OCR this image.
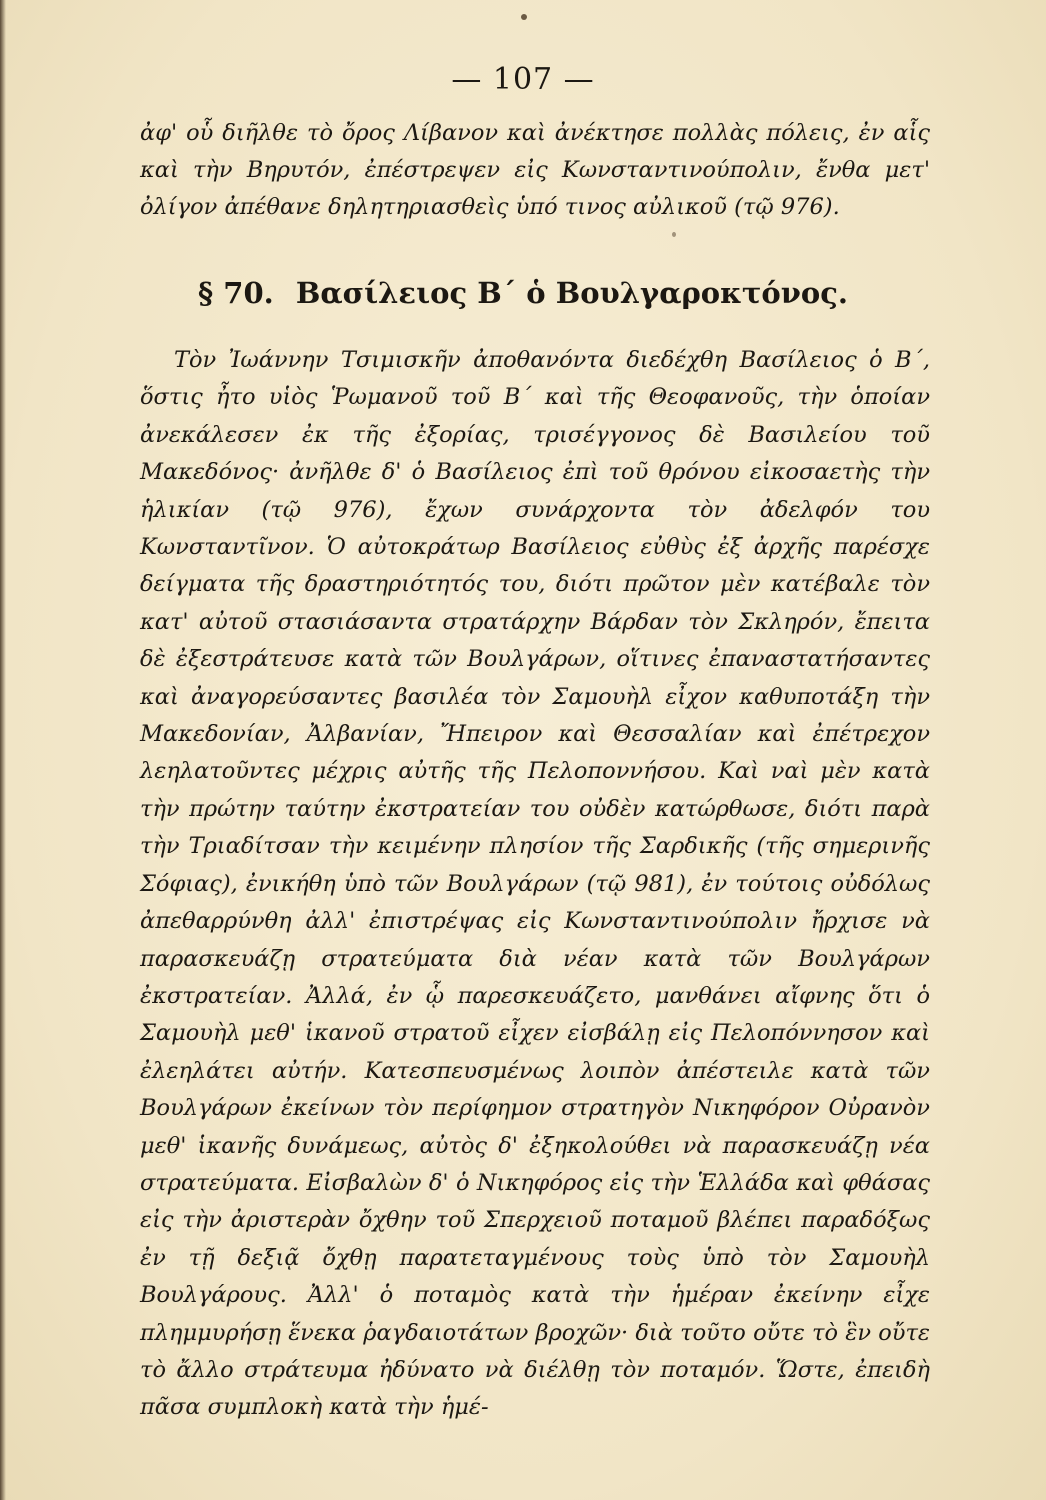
— 107 —
ἀφ' οὗ διῆλθε τὸ ὄρος Λίβανον καὶ ἀνέκτησε πολλὰς πόλεις, ἐν αἷς καὶ τὴν Βηρυτόν, ἐπέστρεψεν εἰς Κωνσταντινούπολιν, ἔνθα μετ' ὀλίγον ἀπέθανε δηλητηριασθεὶς ὑπό τινος αὐλικοῦ (τῷ 976).
§ 70. Βασίλειος Β΄ ὁ Βουλγαροκτόνος.
Τὸν Ἰωάννην Τσιμισκῆν ἀποθανόντα διεδέχθη Βασίλειος ὁ Β΄, ὅστις ἦτο υἱὸς Ῥωμανοῦ τοῦ Β΄ καὶ τῆς Θεοφανοῦς, τὴν ὁποίαν ἀνεκάλεσεν ἐκ τῆς ἐξορίας, τρισέγγονος δὲ Βασιλείου τοῦ Μακεδόνος· ἀνῆλθε δ' ὁ Βασίλειος ἐπὶ τοῦ θρόνου εἰκοσαετὴς τὴν ἡλικίαν (τῷ 976), ἔχων συνάρχοντα τὸν ἀδελφόν του Κωνσταντῖνον. Ὁ αὐτοκράτωρ Βασίλειος εὐθὺς ἐξ ἀρχῆς παρέσχε δείγματα τῆς δραστηριότητός του, διότι πρῶτον μὲν κατέβαλε τὸν κατ' αὐτοῦ στασιάσαντα στρατάρχην Βάρδαν τὸν Σκληρόν, ἔπειτα δὲ ἐξεστράτευσε κατὰ τῶν Βουλγάρων, οἵτινες ἐπαναστατήσαντες καὶ ἀναγορεύσαντες βασιλέα τὸν Σαμουὴλ εἶχον καθυποτάξη τὴν Μακεδονίαν, Ἀλβανίαν, Ἤπειρον καὶ Θεσσαλίαν καὶ ἐπέτρεχον λεηλατοῦντες μέχρις αὐτῆς τῆς Πελοποννήσου. Καὶ ναὶ μὲν κατὰ τὴν πρώτην ταύτην ἐκστρατείαν του οὐδὲν κατώρθωσε, διότι παρὰ τὴν Τριαδίτσαν τὴν κειμένην πλησίον τῆς Σαρδικῆς (τῆς σημερινῆς Σόφιας), ἐνικήθη ὑπὸ τῶν Βουλγάρων (τῷ 981), ἐν τούτοις οὐδόλως ἀπεθαρρύνθη ἀλλ' ἐπιστρέψας εἰς Κωνσταντινούπολιν ἤρχισε νὰ παρασκευάζῃ στρατεύματα διὰ νέαν κατὰ τῶν Βουλγάρων ἐκστρατείαν. Ἀλλά, ἐν ᾧ παρεσκευάζετο, μανθάνει αἴφνης ὅτι ὁ Σαμουὴλ μεθ' ἱκανοῦ στρατοῦ εἶχεν εἰσβάλῃ εἰς Πελοπόννησον καὶ ἐλεηλάτει αὐτήν. Κατεσπευσμένως λοιπὸν ἀπέστειλε κατὰ τῶν Βουλγάρων ἐκείνων τὸν περίφημον στρατηγὸν Νικηφόρον Οὐρανὸν μεθ' ἱκανῆς δυνάμεως, αὐτὸς δ' ἐξηκολούθει νὰ παρασκευάζῃ νέα στρατεύματα. Εἰσβαλὼν δ' ὁ Νικηφόρος εἰς τὴν Ἑλλάδα καὶ φθάσας εἰς τὴν ἀριστερὰν ὄχθην τοῦ Σπερχειοῦ ποταμοῦ βλέπει παραδόξως ἐν τῇ δεξιᾷ ὄχθῃ παρατεταγμένους τοὺς ὑπὸ τὸν Σαμουὴλ Βουλγάρους. Ἀλλ' ὁ ποταμὸς κατὰ τὴν ἡμέραν ἐκείνην εἶχε πλημμυρήσῃ ἕνεκα ῥαγδαιοτάτων βροχῶν· διὰ τοῦτο οὔτε τὸ ἓν οὔτε τὸ ἄλλο στράτευμα ἠδύνατο νὰ διέλθῃ τὸν ποταμόν. Ὥστε, ἐπειδὴ πᾶσα συμπλοκὴ κατὰ τὴν ἡμέ-
